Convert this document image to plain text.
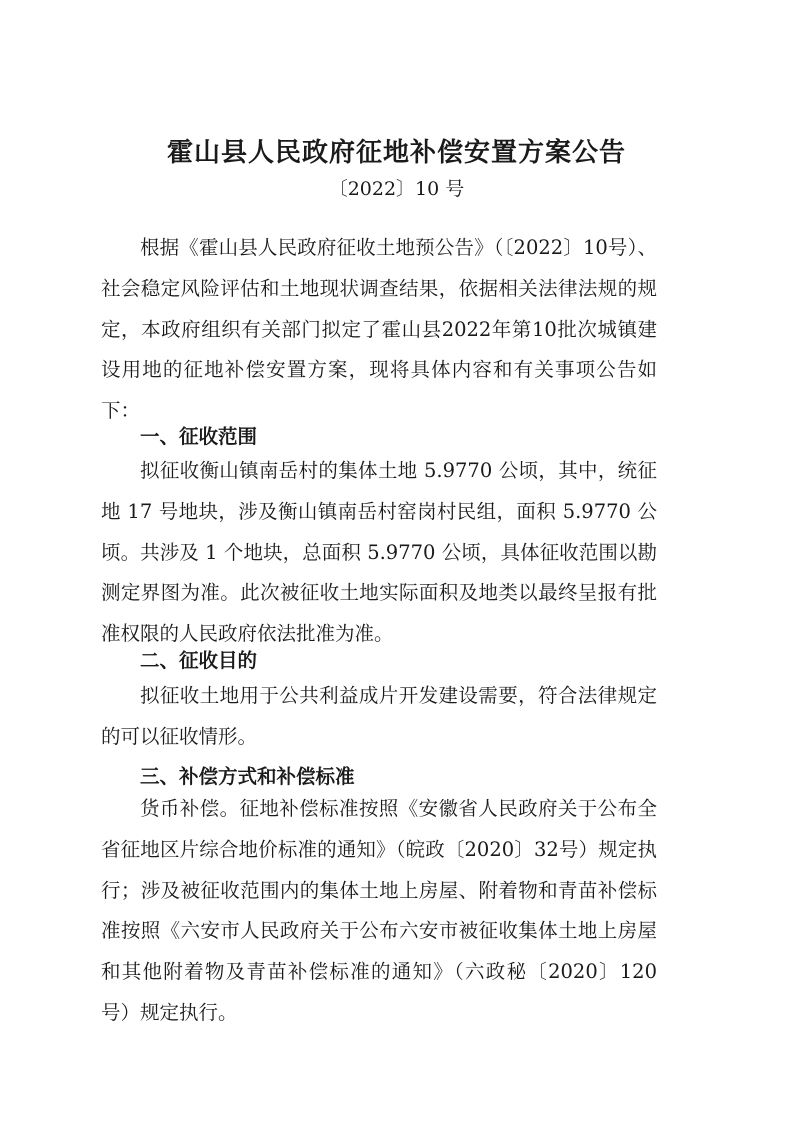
霍山县人民政府征地补偿安置方案公告
〔2022〕10 号
根据《霍山县人民政府征收土地预公告》（〔2022〕10号）、社会稳定风险评估和土地现状调查结果，依据相关法律法规的规定，本政府组织有关部门拟定了霍山县2022年第10批次城镇建设用地的征地补偿安置方案，现将具体内容和有关事项公告如下：
一、征收范围
拟征收衡山镇南岳村的集体土地 5.9770 公顷，其中，统征地 17 号地块，涉及衡山镇南岳村窑岗村民组，面积 5.9770 公顷。共涉及 1 个地块，总面积 5.9770 公顷，具体征收范围以勘测定界图为准。此次被征收土地实际面积及地类以最终呈报有批准权限的人民政府依法批准为准。
二、征收目的
拟征收土地用于公共利益成片开发建设需要，符合法律规定的可以征收情形。
三、补偿方式和补偿标准
货币补偿。征地补偿标准按照《安徽省人民政府关于公布全省征地区片综合地价标准的通知》（皖政〔2020〕32号）规定执行；涉及被征收范围内的集体土地上房屋、附着物和青苗补偿标准按照《六安市人民政府关于公布六安市被征收集体土地上房屋和其他附着物及青苗补偿标准的通知》（六政秘〔2020〕120 号）规定执行。
